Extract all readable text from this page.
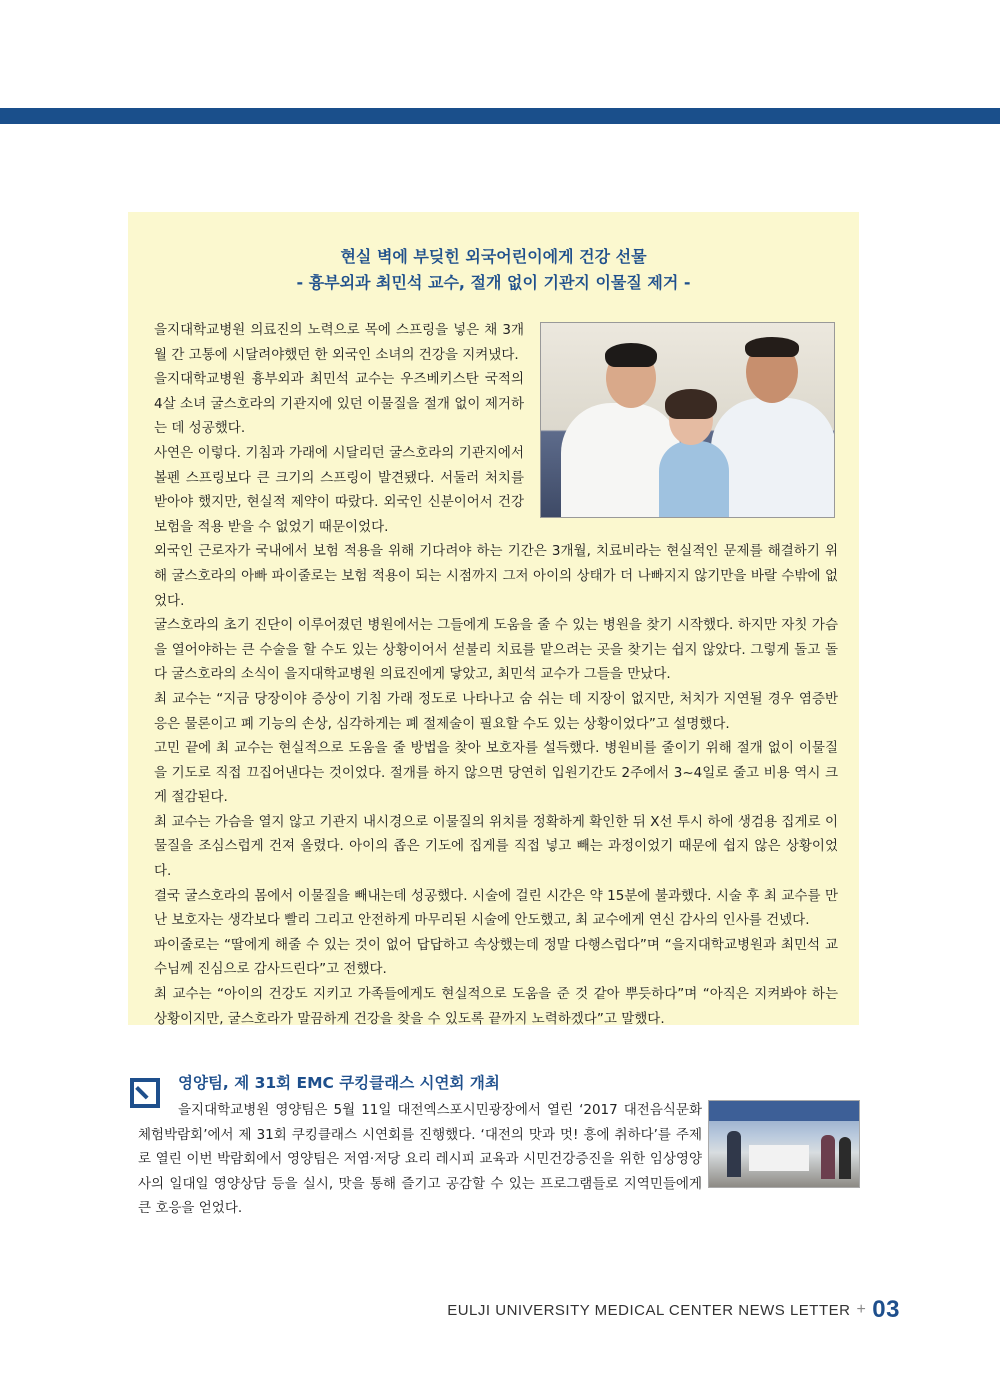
현실 벽에 부딪힌 외국어린이에게 건강 선물
- 흉부외과 최민석 교수, 절개 없이 기관지 이물질 제거 -

을지대학교병원 의료진의 노력으로 목에 스프링을 넣은 채 3개월 간 고통에 시달려야했던 한 외국인 소녀의 건강을 지켜냈다.

을지대학교병원 흉부외과 최민석 교수는 우즈베키스탄 국적의 4살 소녀 굴스호라의 기관지에 있던 이물질을 절개 없이 제거하는 데 성공했다.

사연은 이렇다. 기침과 가래에 시달리던 굴스호라의 기관지에서 볼펜 스프링보다 큰 크기의 스프링이 발견됐다. 서둘러 처치를 받아야 했지만, 현실적 제약이 따랐다. 외국인 신분이어서 건강 보험을 적용 받을 수 없었기 때문이었다.

외국인 근로자가 국내에서 보험 적용을 위해 기다려야 하는 기간은 3개월, 치료비라는 현실적인 문제를 해결하기 위해 굴스호라의 아빠 파이줄로는 보험 적용이 되는 시점까지 그저 아이의 상태가 더 나빠지지 않기만을 바랄 수밖에 없었다.

굴스호라의 초기 진단이 이루어졌던 병원에서는 그들에게 도움을 줄 수 있는 병원을 찾기 시작했다. 하지만 자칫 가슴을 열어야하는 큰 수술을 할 수도 있는 상황이어서 섣불리 치료를 맡으려는 곳을 찾기는 쉽지 않았다. 그렇게 돌고 돌다 굴스호라의 소식이 을지대학교병원 의료진에게 닿았고, 최민석 교수가 그들을 만났다.

최 교수는 “지금 당장이야 증상이 기침 가래 정도로 나타나고 숨 쉬는 데 지장이 없지만, 처치가 지연될 경우 염증반응은 물론이고 폐 기능의 손상, 심각하게는 폐 절제술이 필요할 수도 있는 상황이었다”고 설명했다.

고민 끝에 최 교수는 현실적으로 도움을 줄 방법을 찾아 보호자를 설득했다. 병원비를 줄이기 위해 절개 없이 이물질을 기도로 직접 끄집어낸다는 것이었다. 절개를 하지 않으면 당연히 입원기간도 2주에서 3~4일로 줄고 비용 역시 크게 절감된다.

최 교수는 가슴을 열지 않고 기관지 내시경으로 이물질의 위치를 정확하게 확인한 뒤 X선 투시 하에 생검용 집게로 이물질을 조심스럽게 건져 올렸다. 아이의 좁은 기도에 집게를 직접 넣고 빼는 과정이었기 때문에 쉽지 않은 상황이었다.

결국 굴스호라의 몸에서 이물질을 빼내는데 성공했다. 시술에 걸린 시간은 약 15분에 불과했다. 시술 후 최 교수를 만난 보호자는 생각보다 빨리 그리고 안전하게 마무리된 시술에 안도했고, 최 교수에게 연신 감사의 인사를 건넸다.

파이줄로는 “딸에게 해줄 수 있는 것이 없어 답답하고 속상했는데 정말 다행스럽다”며 “을지대학교병원과 최민석 교수님께 진심으로 감사드린다”고 전했다.

최 교수는 “아이의 건강도 지키고 가족들에게도 현실적으로 도움을 준 것 같아 뿌듯하다”며 “아직은 지켜봐야 하는 상황이지만, 굴스호라가 말끔하게 건강을 찾을 수 있도록 끝까지 노력하겠다”고 말했다.

영양팀, 제 31회 EMC 쿠킹클래스 시연회 개최
을지대학교병원 영양팀은 5월 11일 대전엑스포시민광장에서 열린 ‘2017 대전음식문화체험박람회’에서 제 31회 쿠킹클래스 시연회를 진행했다. ‘대전의 맛과 멋! 흥에 취하다’를 주제로 열린 이번 박람회에서 영양팀은 저염·저당 요리 레시피 교육과 시민건강증진을 위한 임상영양사의 일대일 영양상담 등을 실시, 맛을 통해 즐기고 공감할 수 있는 프로그램들로 지역민들에게 큰 호응을 얻었다.
EULJI UNIVERSITY MEDICAL CENTER NEWS LETTER + 03
